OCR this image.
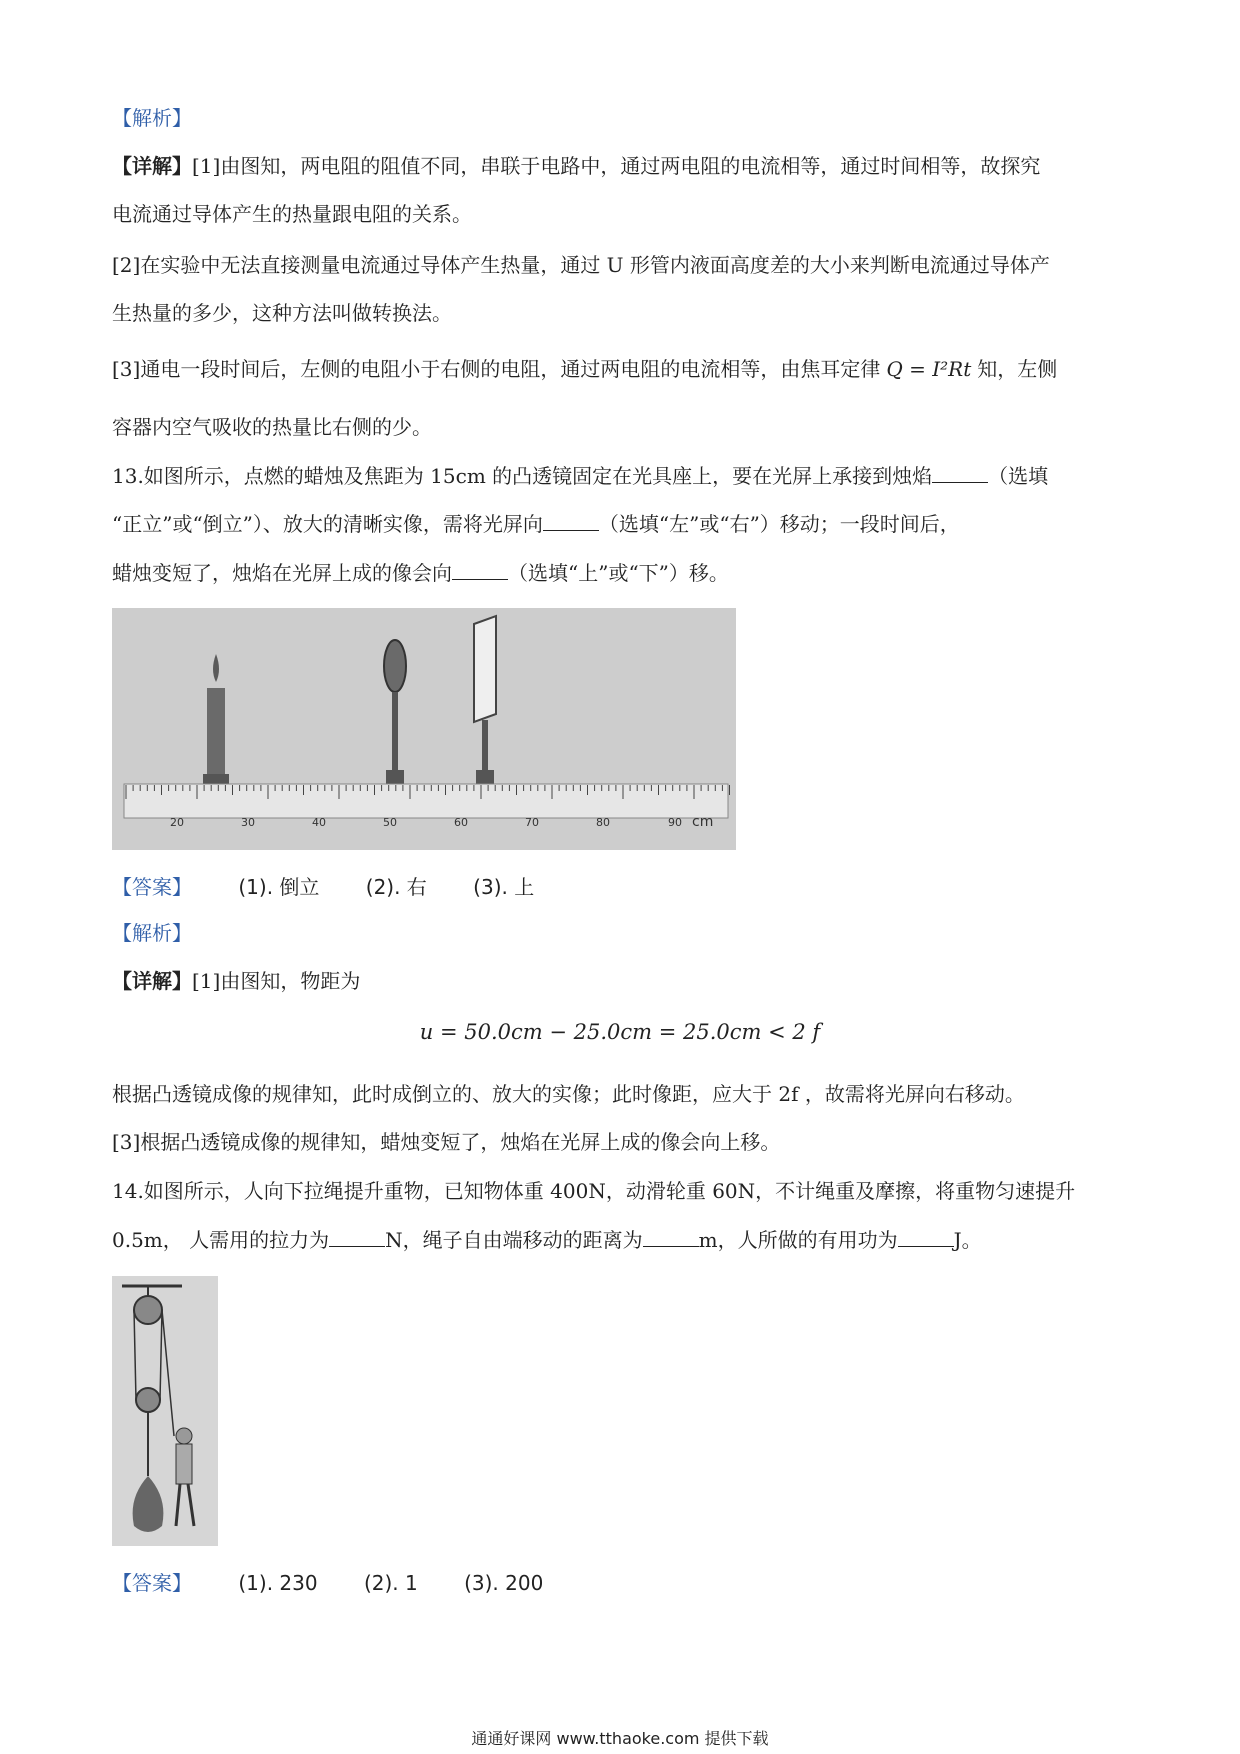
【解析】
【详解】[1]由图知，两电阻的阻值不同，串联于电路中，通过两电阻的电流相等，通过时间相等，故探究
电流通过导体产生的热量跟电阻的关系。
[2]在实验中无法直接测量电流通过导体产生热量，通过 U 形管内液面高度差的大小来判断电流通过导体产
生热量的多少，这种方法叫做转换法。
[3]通电一段时间后，左侧的电阻小于右侧的电阻，通过两电阻的电流相等，由焦耳定律 Q = I²Rt 知，左侧
容器内空气吸收的热量比右侧的少。
13.如图所示，点燃的蜡烛及焦距为 15cm 的凸透镜固定在光具座上，要在光屏上承接到烛焰	（选填
“正立”或“倒立”）、放大的清晰实像，需将光屏向	（选填“左”或“右”）移动；一段时间后，
蜡烛变短了，烛焰在光屏上成的像会向	（选填“上”或“下”）移。
20	30	40	50	60	70	80	90 cm
【答案】 (1). 倒立 (2). 右 (3). 上
【解析】
【详解】[1]由图知，物距为
u = 50.0cm − 25.0cm = 25.0cm < 2 f
根据凸透镜成像的规律知，此时成倒立的、放大的实像；此时像距，应大于 2f ，故需将光屏向右移动。
[3]根据凸透镜成像的规律知，蜡烛变短了，烛焰在光屏上成的像会向上移。
14.如图所示，人向下拉绳提升重物，已知物体重 400N，动滑轮重 60N，不计绳重及摩擦，将重物匀速提升
0.5m， 人需用的拉力为	N，绳子自由端移动的距离为	m，人所做的有用功为	J。
【答案】 (1). 230 (2). 1 (3). 200
通通好课网 www.tthaoke.com 提供下载
